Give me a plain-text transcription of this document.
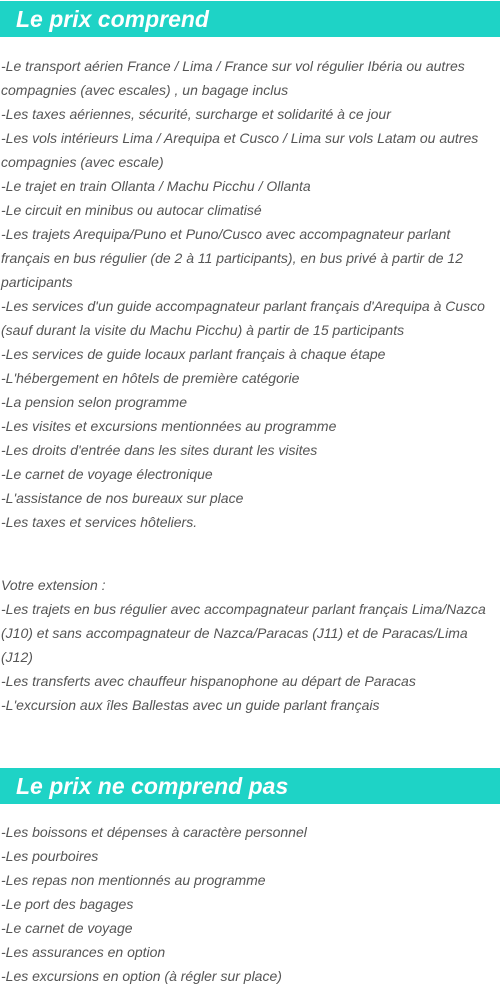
Le prix comprend
-Le transport aérien France / Lima / France sur vol régulier Ibéria ou autres compagnies (avec escales) , un bagage inclus
-Les taxes aériennes, sécurité, surcharge et solidarité à ce jour
-Les vols intérieurs Lima / Arequipa et Cusco / Lima sur vols Latam ou autres compagnies (avec escale)
-Le trajet en train Ollanta / Machu Picchu / Ollanta
-Le circuit en minibus ou autocar climatisé
-Les trajets Arequipa/Puno et Puno/Cusco avec accompagnateur parlant français en bus régulier (de 2 à 11 participants), en bus privé à partir de 12 participants
-Les services d'un guide accompagnateur parlant français d'Arequipa à Cusco (sauf durant la visite du Machu Picchu) à partir de 15 participants
-Les services de guide locaux parlant français à chaque étape
-L'hébergement en hôtels de première catégorie
-La pension selon programme
-Les visites et excursions mentionnées au programme
-Les droits d'entrée dans les sites durant les visites
-Le carnet de voyage électronique
-L'assistance de nos bureaux sur place
-Les taxes et services hôteliers.

Votre extension :

-Les trajets en bus régulier avec accompagnateur parlant français Lima/Nazca (J10) et sans accompagnateur de Nazca/Paracas (J11) et de Paracas/Lima (J12)
-Les transferts avec chauffeur hispanophone au départ de Paracas
-L'excursion aux îles Ballestas avec un guide parlant français
Le prix ne comprend pas
-Les boissons et dépenses à caractère personnel
-Les pourboires
-Les repas non mentionnés au programme
-Le port des bagages
-Le carnet de voyage
-Les assurances en option
-Les excursions en option (à régler sur place)
